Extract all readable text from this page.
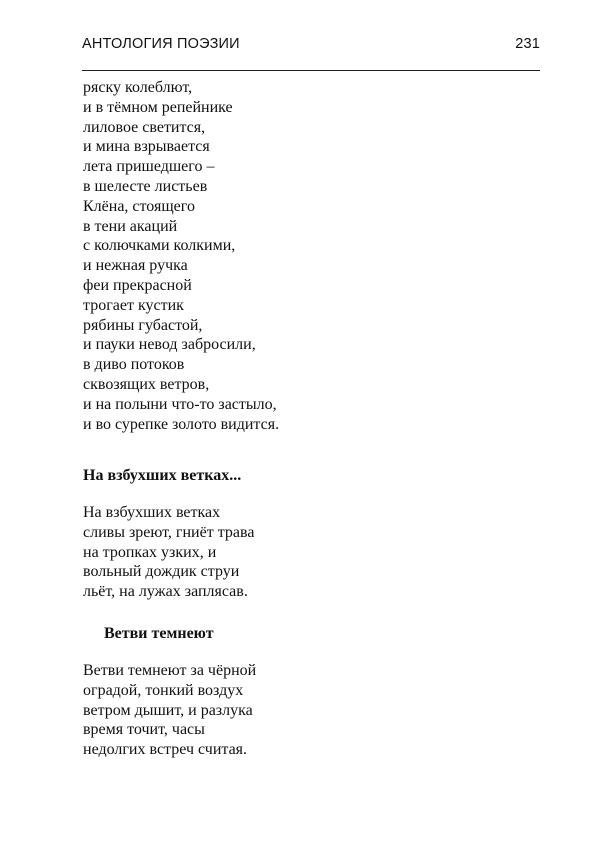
АНТОЛОГИЯ ПОЭЗИИ	231
ряску колеблют,
и в тёмном репейнике
лиловое светится,
и мина взрывается
лета пришедшего –
в шелесте листьев
Клёна, стоящего
в тени акаций
с колючками колкими,
и нежная ручка
феи прекрасной
трогает кустик
рябины губастой,
и пауки невод забросили,
в диво потоков
сквозящих ветров,
и на полыни что-то застыло,
и во сурепке золото видится.
На взбухших ветках...
На взбухших ветках
сливы зреют, гниёт трава
на тропках узких, и
вольный дождик струи
льёт, на лужах заплясав.
Ветви темнеют
Ветви темнеют за чёрной
оградой, тонкий воздух
ветром дышит, и разлука
время точит, часы
недолгих встреч считая.
